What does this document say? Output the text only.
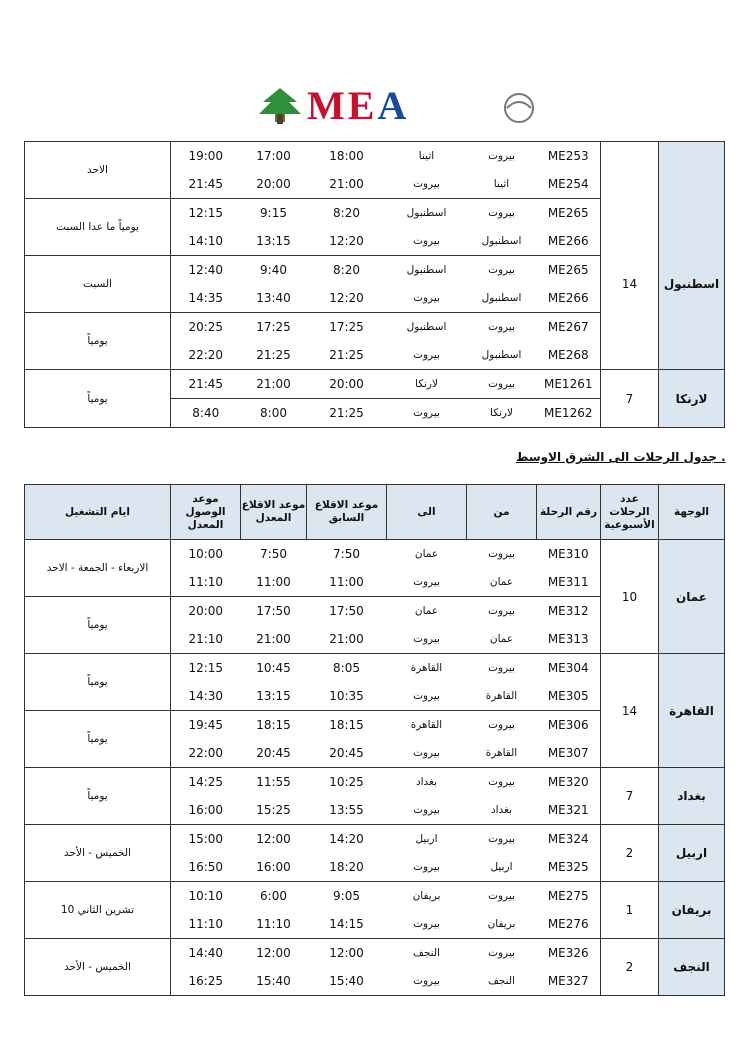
MEA
الاحد	19:00	17:00	18:00	اثينا	بيروت	ME253		
	21:45	20:00	21:00	بيروت	اثينا	ME254		
يومياً ما عدا السبت	12:15	9:15	8:20	اسطنبول	بيروت	ME265	14	اسطنبول
	14:10	13:15	12:20	بيروت	اسطنبول	ME266		
السبت	12:40	9:40	8:20	اسطنبول	بيروت	ME265		
	14:35	13:40	12:20	بيروت	اسطنبول	ME266		
يومياً	20:25	17:25	17:25	اسطنبول	بيروت	ME267		
	22:20	21:25	21:25	بيروت	اسطنبول	ME268		
يومياً	21:45	21:00	20:00	لارنكا	بيروت	ME1261	7	لارنكا
	8:40	8:00	21:25	بيروت	لارنكا	ME1262		
. جدول الرحلات الى الشرق الاوسط
ايام التشغيل	موعد الوصول المعدل	موعد الاقلاع المعدل	موعد الاقلاع السابق	الى	من	رقم الرحلة	عدد الرحلات الأسبوعية	الوجهة
الاربعاء - الجمعة - الاحد	10:00	7:50	7:50	عمان	بيروت	ME310	10	عمان
	11:10	11:00	11:00	بيروت	عمان	ME311		
يومياً	20:00	17:50	17:50	عمان	بيروت	ME312		
	21:10	21:00	21:00	بيروت	عمان	ME313		
يومياً	12:15	10:45	8:05	القاهرة	بيروت	ME304	14	القاهرة
	14:30	13:15	10:35	بيروت	القاهرة	ME305		
يومياً	19:45	18:15	18:15	القاهرة	بيروت	ME306		
	22:00	20:45	20:45	بيروت	القاهرة	ME307		
يومياً	14:25	11:55	10:25	بغداد	بيروت	ME320	7	بغداد
	16:00	15:25	13:55	بيروت	بغداد	ME321		
الخميس - الأحد	15:00	12:00	14:20	اربيل	بيروت	ME324	2	اربيل
	16:50	16:00	18:20	بيروت	اربيل	ME325		
10 تشرين الثاني	10:10	6:00	9:05	بريفان	بيروت	ME275	1	بريفان
	11:10	11:10	14:15	بيروت	بريفان	ME276		
الخميس - الأحد	14:40	12:00	12:00	النجف	بيروت	ME326	2	النجف
	16:25	15:40	15:40	بيروت	النجف	ME327		
